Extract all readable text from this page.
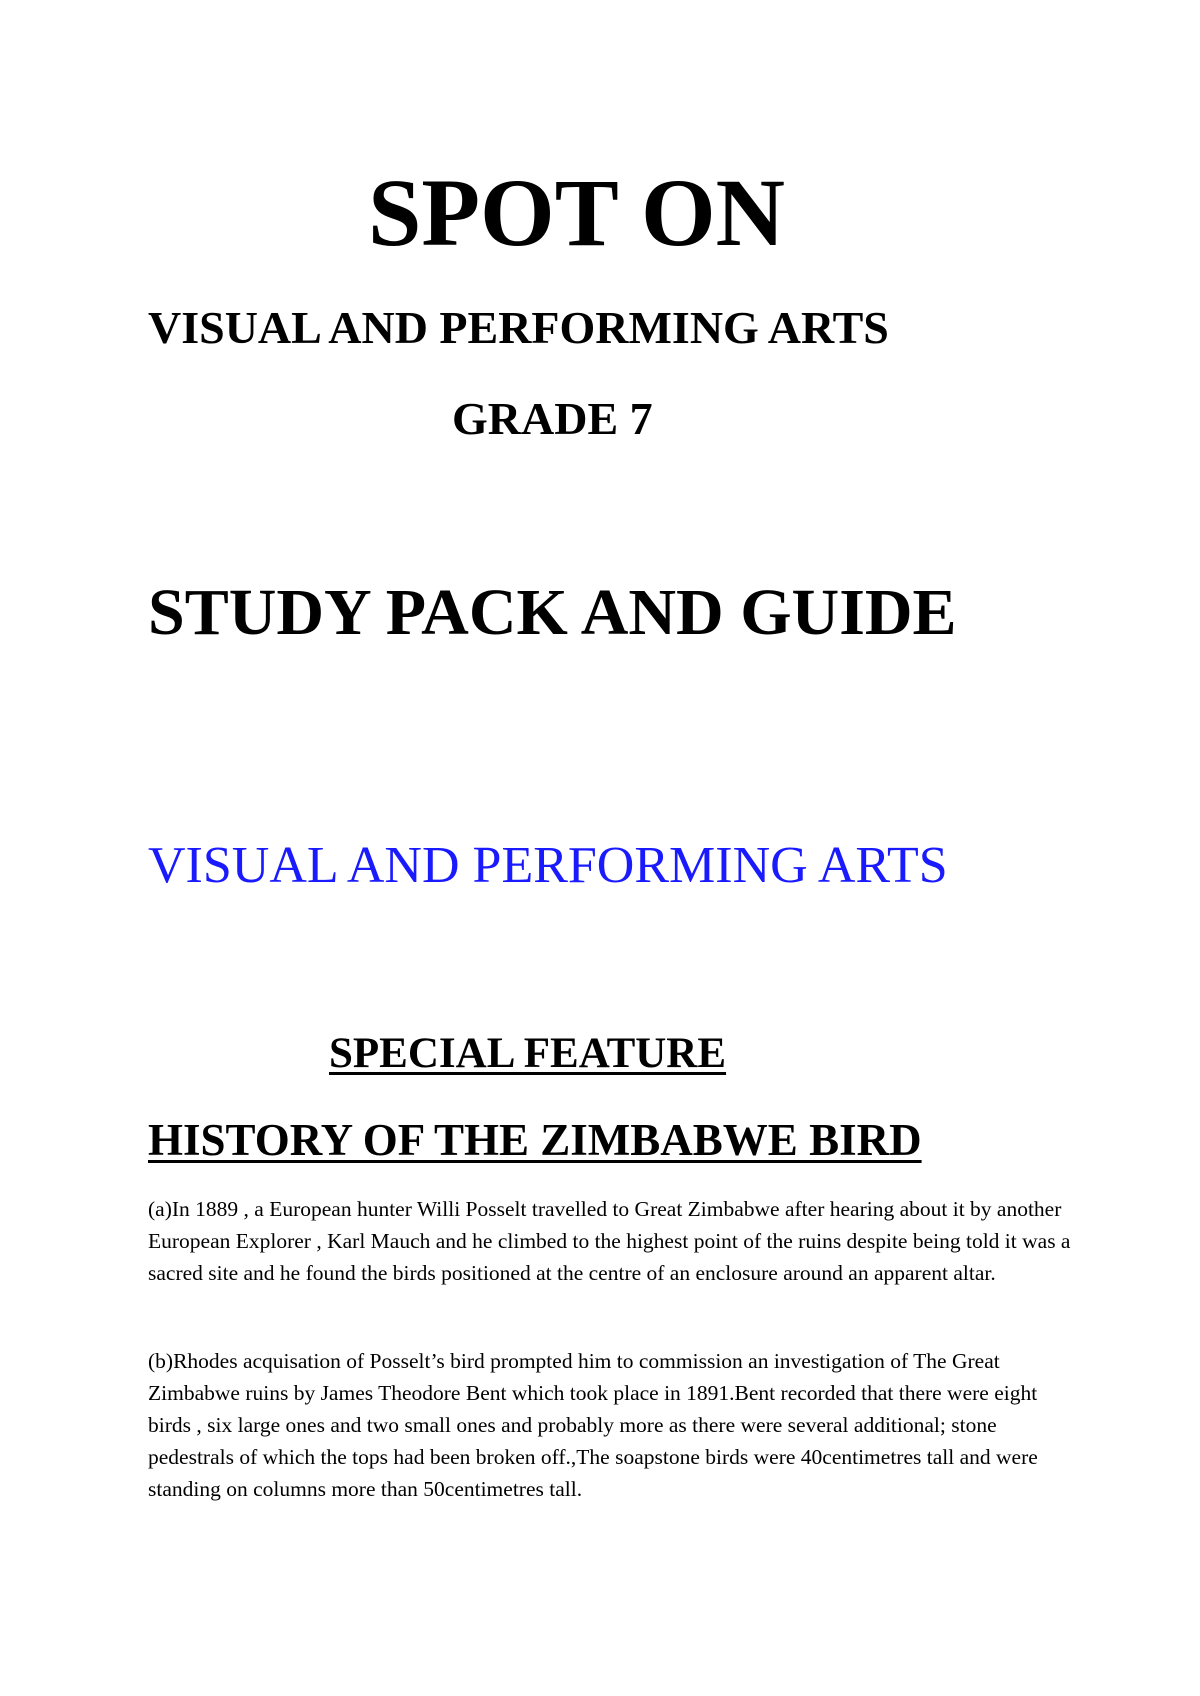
SPOT ON
VISUAL AND PERFORMING ARTS
GRADE 7
STUDY PACK AND GUIDE
VISUAL AND PERFORMING ARTS
SPECIAL FEATURE
HISTORY OF THE ZIMBABWE BIRD

(a)In 1889 , a European hunter Willi Posselt travelled to Great Zimbabwe after hearing about it by another European Explorer , Karl Mauch and he climbed to the highest point of the ruins despite being told it was a sacred site and he found the birds positioned at the centre of an enclosure around an apparent altar.

(b)Rhodes acquisation of Posselt’s bird prompted him to commission an investigation of The Great Zimbabwe ruins by James Theodore Bent which took place in 1891.Bent recorded that there were eight birds , six large ones and two small ones and probably more as there were several additional; stone pedestrals of which the tops had been broken off.,The soapstone birds were 40centimetres tall and were standing on columns more than 50centimetres tall.
